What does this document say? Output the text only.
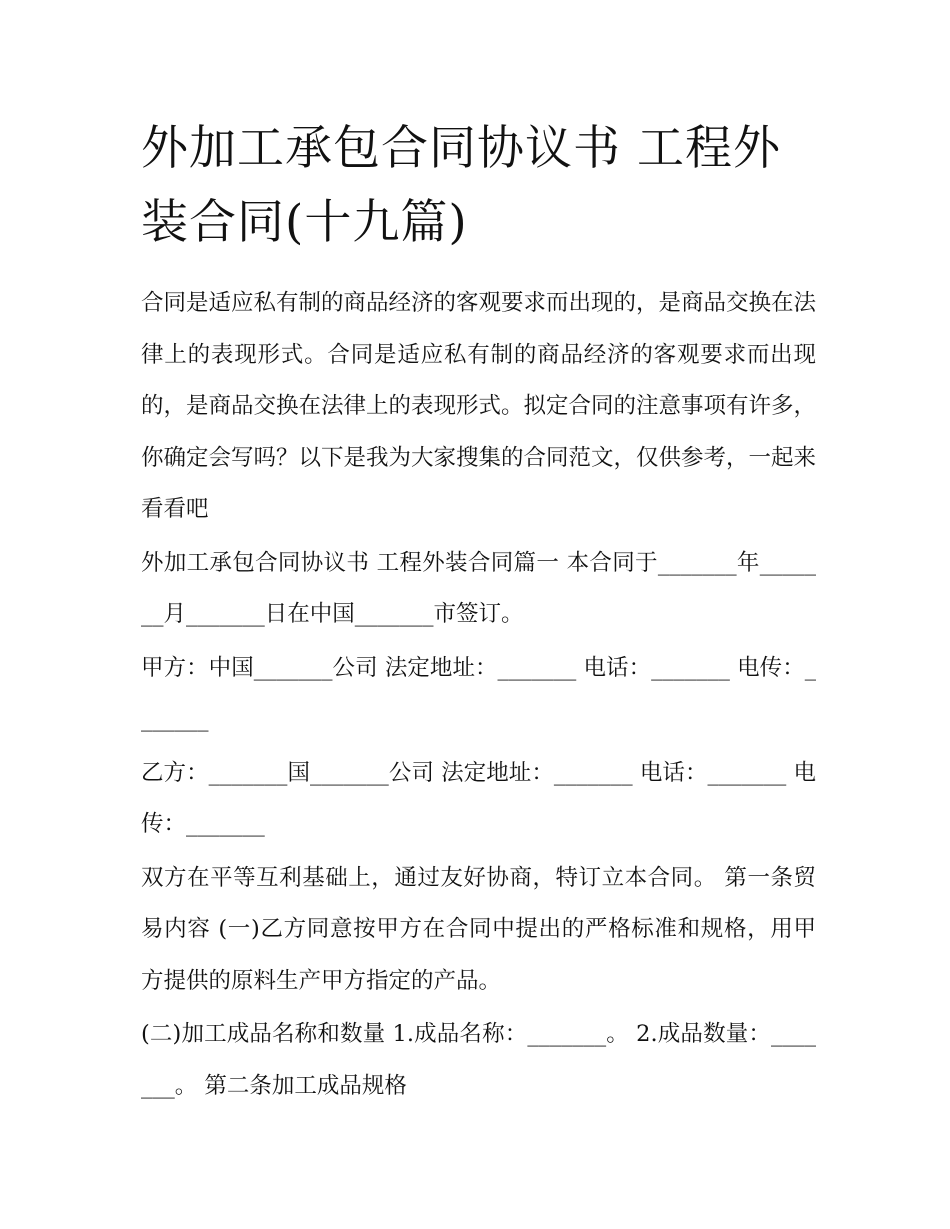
外加工承包合同协议书 工程外装合同(十九篇)

合同是适应私有制的商品经济的客观要求而出现的，是商品交换在法律上的表现形式。合同是适应私有制的商品经济的客观要求而出现的，是商品交换在法律上的表现形式。拟定合同的注意事项有许多，你确定会写吗？以下是我为大家搜集的合同范文，仅供参考，一起来看看吧

外加工承包合同协议书 工程外装合同篇一 本合同于_______年_______月_______日在中国_______市签订。

甲方：中国_______公司 法定地址：_______ 电话：_______ 电传：_______

乙方：_______国_______公司 法定地址：_______ 电话：_______ 电传：_______

双方在平等互利基础上，通过友好协商，特订立本合同。 第一条贸易内容 (一)乙方同意按甲方在合同中提出的严格标准和规格，用甲方提供的原料生产甲方指定的产品。

(二)加工成品名称和数量 1.成品名称：_______。 2.成品数量：_______。 第二条加工成品规格
